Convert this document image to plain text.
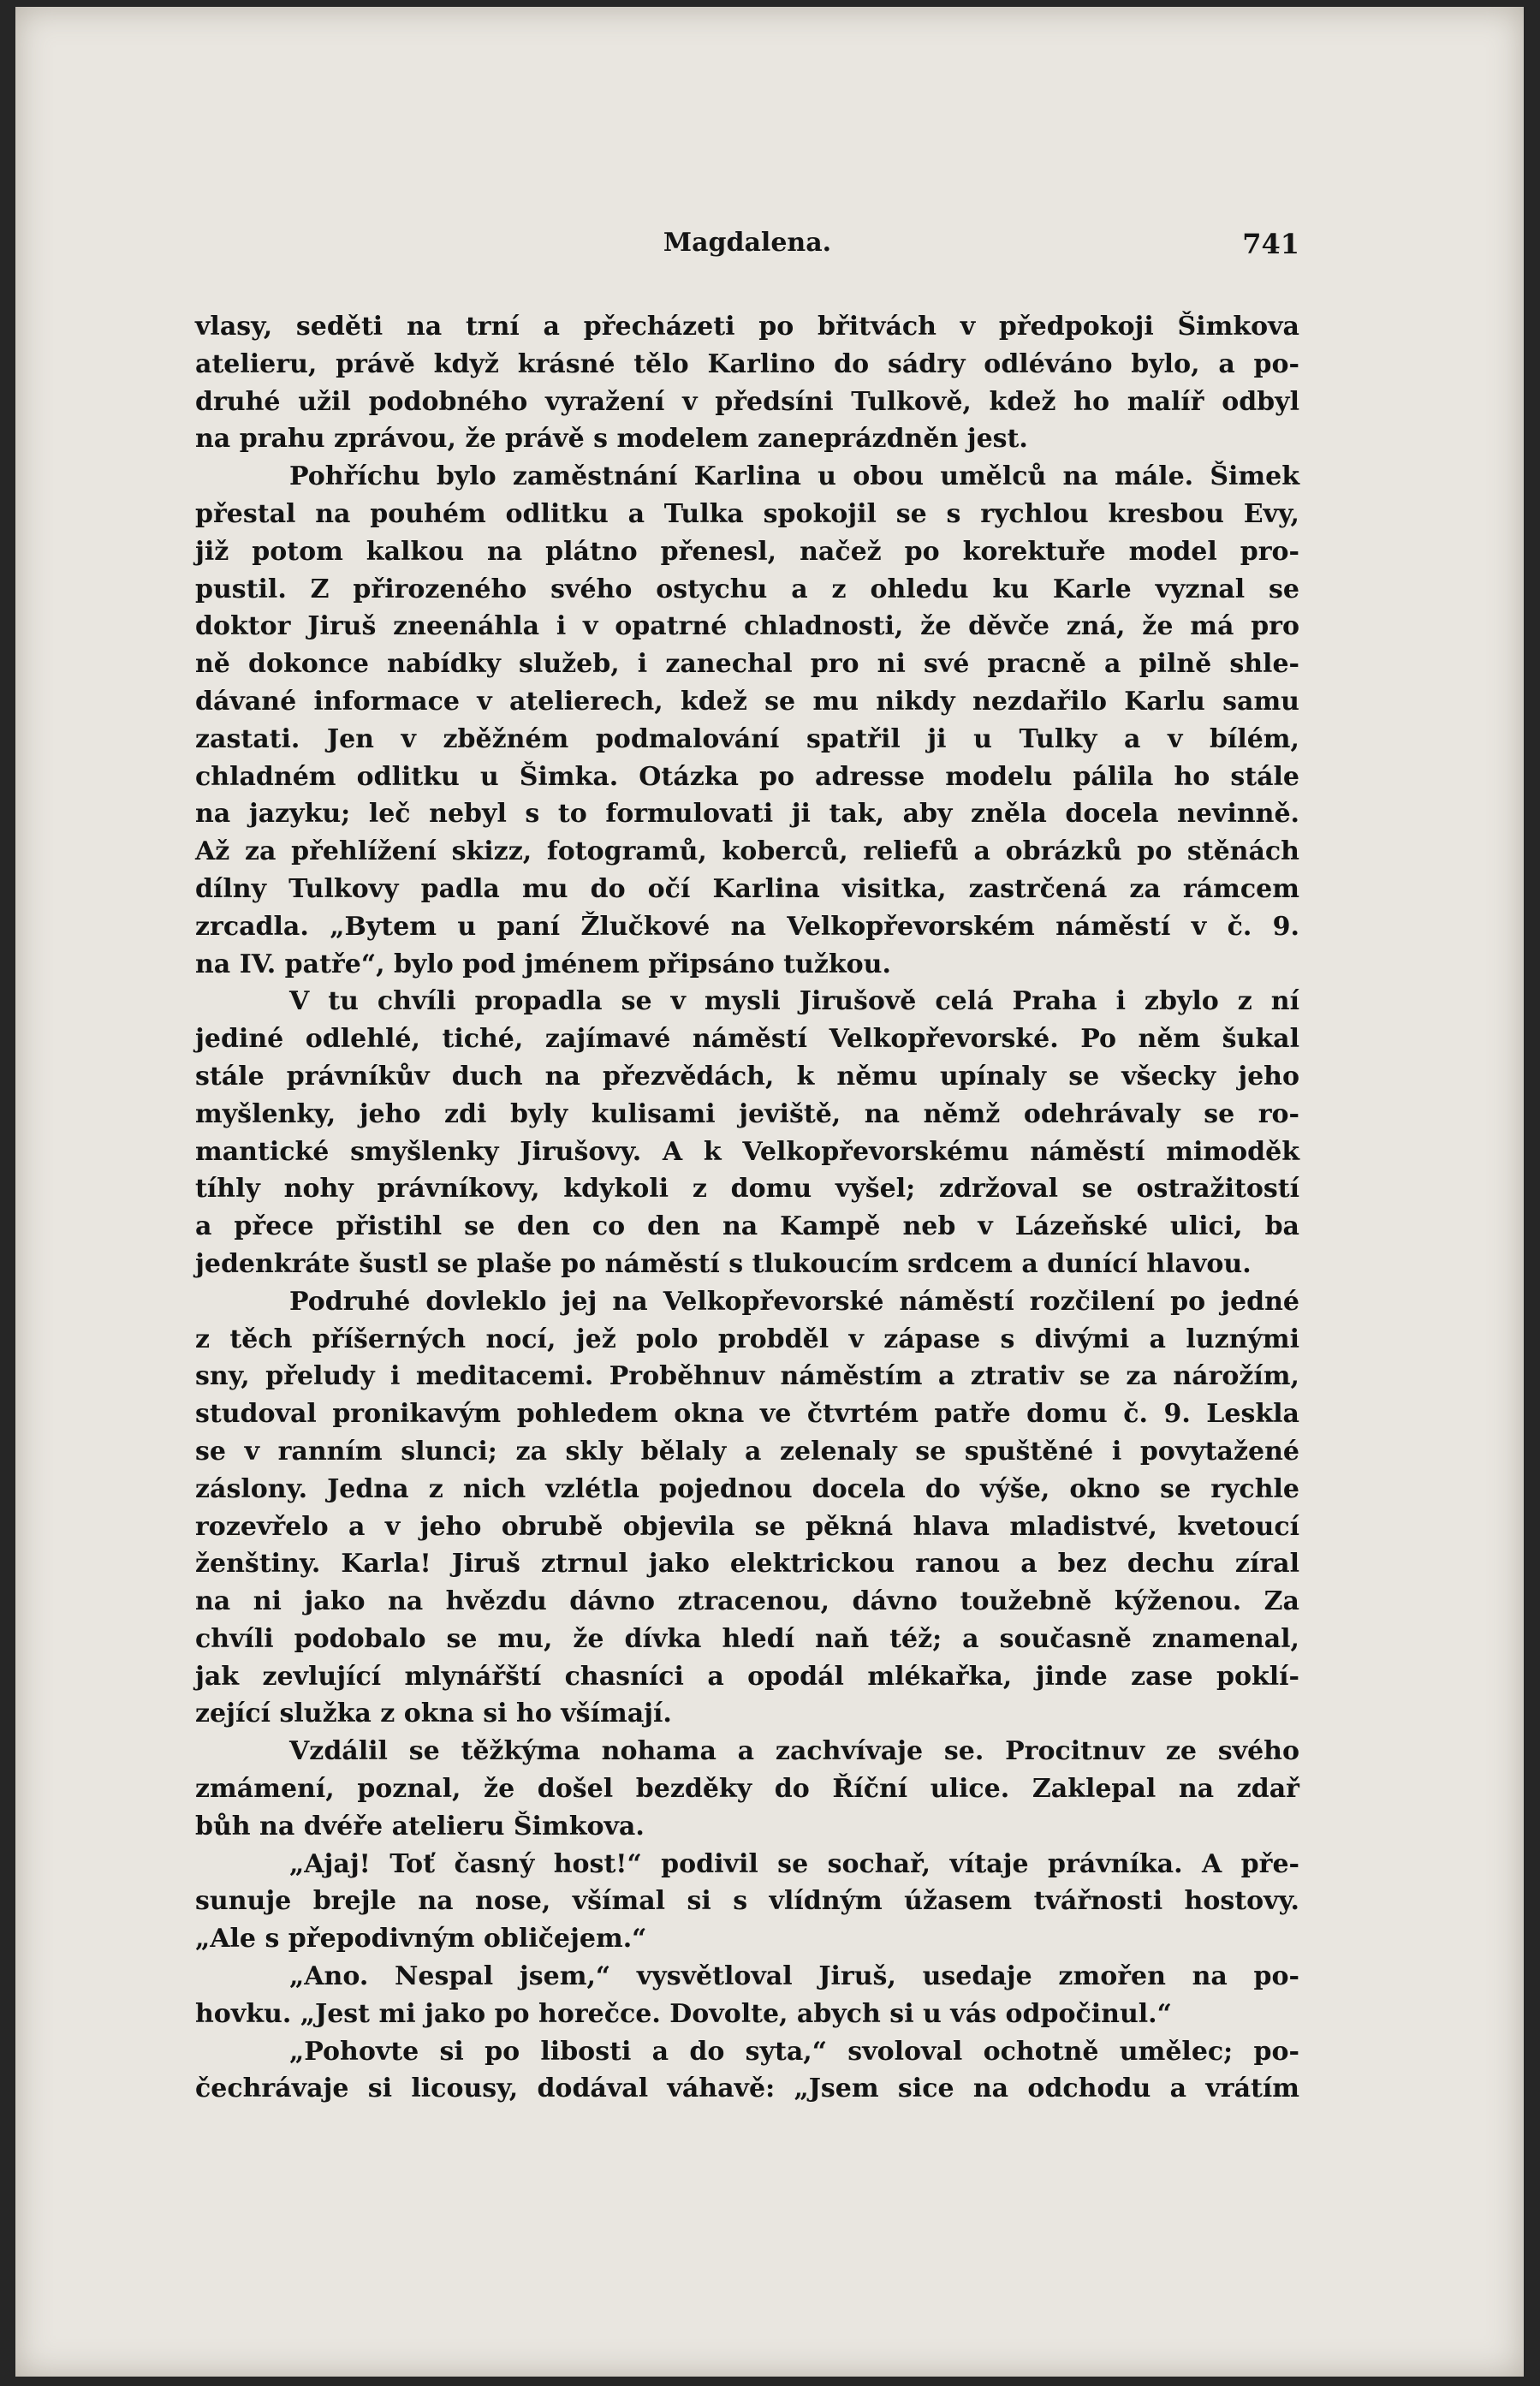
Magdalena.	741
vlasy, seděti na trní a přecházeti po břitvách v předpokoji Šimkova
atelieru, právě když krásné tělo Karlino do sádry odléváno bylo, a po-
druhé užil podobného vyražení v předsíni Tulkově, kdež ho malíř odbyl
na prahu zprávou, že právě s modelem zaneprázdněn jest.
Pohříchu bylo zaměstnání Karlina u obou umělců na mále. Šimek
přestal na pouhém odlitku a Tulka spokojil se s rychlou kresbou Evy,
již potom kalkou na plátno přenesl, načež po korektuře model pro-
pustil. Z přirozeného svého ostychu a z ohledu ku Karle vyznal se
doktor Jiruš zneenáhla i v opatrné chladnosti, že děvče zná, že má pro
ně dokonce nabídky služeb, i zanechal pro ni své pracně a pilně shle-
dávané informace v atelierech, kdež se mu nikdy nezdařilo Karlu samu
zastati. Jen v zběžném podmalování spatřil ji u Tulky a v bílém,
chladném odlitku u Šimka. Otázka po adresse modelu pálila ho stále
na jazyku; leč nebyl s to formulovati ji tak, aby zněla docela nevinně.
Až za přehlížení skizz, fotogramů, koberců, reliefů a obrázků po stěnách
dílny Tulkovy padla mu do očí Karlina visitka, zastrčená za rámcem
zrcadla. „Bytem u paní Žlučkové na Velkopřevorském náměstí v č. 9.
na IV. patře“, bylo pod jménem připsáno tužkou.
V tu chvíli propadla se v mysli Jirušově celá Praha i zbylo z ní
jediné odlehlé, tiché, zajímavé náměstí Velkopřevorské. Po něm šukal
stále právníkův duch na přezvědách, k němu upínaly se všecky jeho
myšlenky, jeho zdi byly kulisami jeviště, na němž odehrávaly se ro-
mantické smyšlenky Jirušovy. A k Velkopřevorskému náměstí mimoděk
tíhly nohy právníkovy, kdykoli z domu vyšel; zdržoval se ostražitostí
a přece přistihl se den co den na Kampě neb v Lázeňské ulici, ba
jedenkráte šustl se plaše po náměstí s tlukoucím srdcem a dunící hlavou.
Podruhé dovleklo jej na Velkopřevorské náměstí rozčilení po jedné
z těch příšerných nocí, jež polo probděl v zápase s divými a luznými
sny, přeludy i meditacemi. Proběhnuv náměstím a ztrativ se za nárožím,
studoval pronikavým pohledem okna ve čtvrtém patře domu č. 9. Leskla
se v ranním slunci; za skly bělaly a zelenaly se spuštěné i povytažené
záslony. Jedna z nich vzlétla pojednou docela do výše, okno se rychle
rozevřelo a v jeho obrubě objevila se pěkná hlava mladistvé, kvetoucí
ženštiny. Karla! Jiruš ztrnul jako elektrickou ranou a bez dechu zíral
na ni jako na hvězdu dávno ztracenou, dávno toužebně kýženou. Za
chvíli podobalo se mu, že dívka hledí naň též; a současně znamenal,
jak zevlující mlynářští chasníci a opodál mlékařka, jinde zase poklí-
zející služka z okna si ho všímají.
Vzdálil se těžkýma nohama a zachvívaje se. Procitnuv ze svého
zmámení, poznal, že došel bezděky do Říční ulice. Zaklepal na zdař
bůh na dvéře atelieru Šimkova.
„Ajaj! Toť časný host!“ podivil se sochař, vítaje právníka. A pře-
sunuje brejle na nose, všímal si s vlídným úžasem tvářnosti hostovy.
„Ale s přepodivným obličejem.“
„Ano. Nespal jsem,“ vysvětloval Jiruš, usedaje zmořen na po-
hovku. „Jest mi jako po horečce. Dovolte, abych si u vás odpočinul.“
„Pohovte si po libosti a do syta,“ svoloval ochotně umělec; po-
čechrávaje si licousy, dodával váhavě: „Jsem sice na odchodu a vrátím
